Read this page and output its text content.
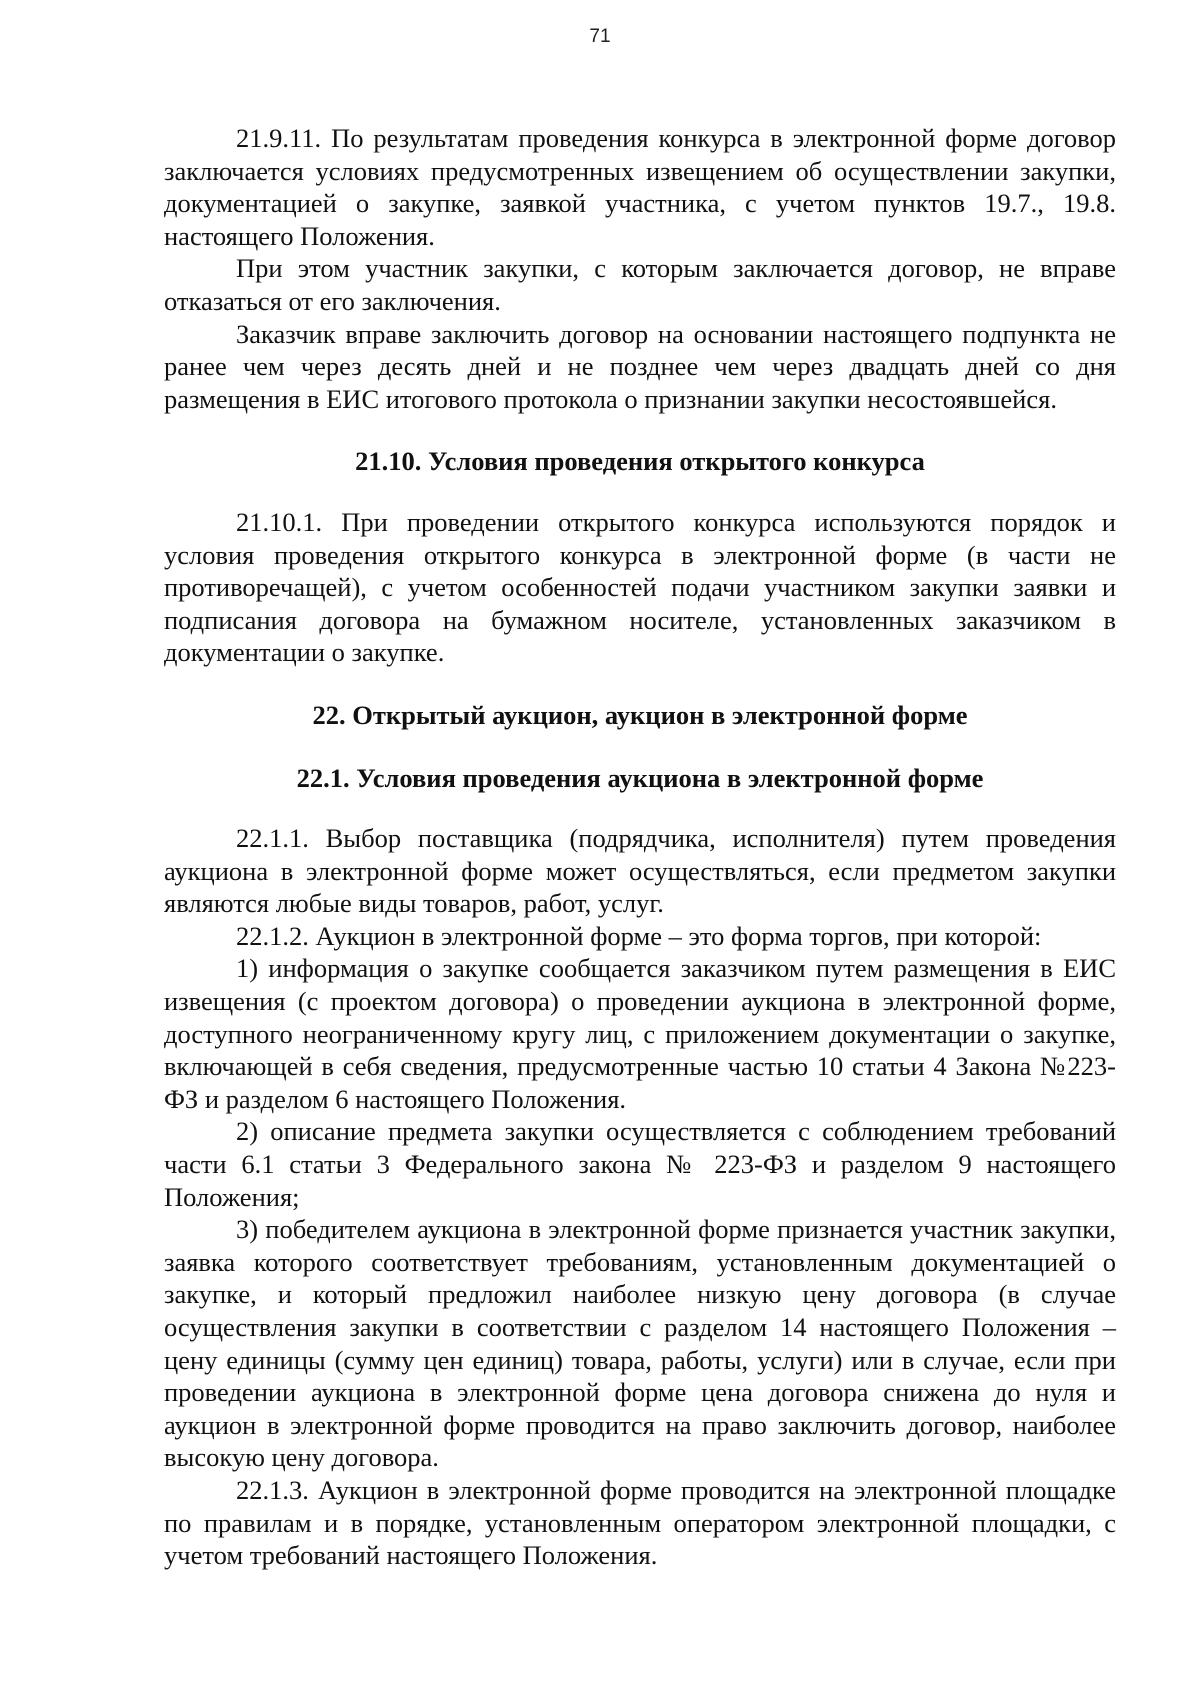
71

21.9.11. По результатам проведения конкурса в электронной форме договор заключается условиях предусмотренных извещением об осуществлении закупки, документацией о закупке, заявкой участника, с учетом пунктов 19.7., 19.8. настоящего Положения.

При этом участник закупки, с которым заключается договор, не вправе отказаться от его заключения.

Заказчик вправе заключить договор на основании настоящего подпункта не ранее чем через десять дней и не позднее чем через двадцать дней со дня размещения в ЕИС итогового протокола о признании закупки несостоявшейся.

21.10. Условия проведения открытого конкурса

21.10.1. При проведении открытого конкурса используются порядок и условия проведения открытого конкурса в электронной форме (в части не противоречащей), с учетом особенностей подачи участником закупки заявки и подписания договора на бумажном носителе, установленных заказчиком в документации о закупке.

22. Открытый аукцион, аукцион в электронной форме
22.1. Условия проведения аукциона в электронной форме

22.1.1. Выбор поставщика (подрядчика, исполнителя) путем проведения аукциона в электронной форме может осуществляться, если предметом закупки являются любые виды товаров, работ, услуг.

22.1.2. Аукцион в электронной форме – это форма торгов, при которой:

1) информация о закупке сообщается заказчиком путем размещения в ЕИС извещения (с проектом договора) о проведении аукциона в электронной форме, доступного неограниченному кругу лиц, с приложением документации о закупке, включающей в себя сведения, предусмотренные частью 10 статьи 4 Закона №223-ФЗ и разделом 6 настоящего Положения.

2) описание предмета закупки осуществляется с соблюдением требований части 6.1 статьи 3 Федерального закона № 223-ФЗ и разделом 9 настоящего Положения;

3) победителем аукциона в электронной форме признается участник закупки, заявка которого соответствует требованиям, установленным документацией о закупке, и который предложил наиболее низкую цену договора (в случае осуществления закупки в соответствии с разделом 14 настоящего Положения – цену единицы (сумму цен единиц) товара, работы, услуги) или в случае, если при проведении аукциона в электронной форме цена договора снижена до нуля и аукцион в электронной форме проводится на право заключить договор, наиболее высокую цену договора.

22.1.3. Аукцион в электронной форме проводится на электронной площадке по правилам и в порядке, установленным оператором электронной площадки, с учетом требований настоящего Положения.
